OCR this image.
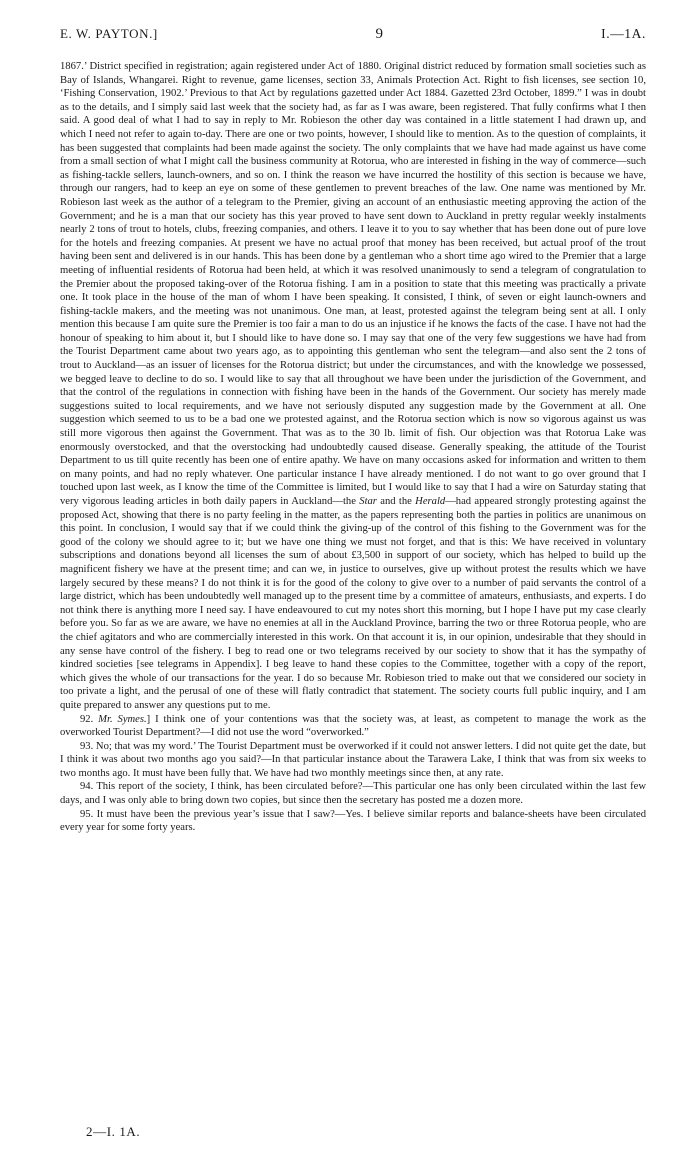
E. W. PAYTON.]	9	I.—1A.

1867.’ District specified in registration; again registered under Act of 1880. Original district reduced by formation small societies such as Bay of Islands, Whangarei. Right to revenue, game licenses, section 33, Animals Protection Act. Right to fish licenses, see section 10, ‘Fishing Conservation, 1902.’ Previous to that Act by regulations gazetted under Act 1884. Gazetted 23rd October, 1899.” I was in doubt as to the details, and I simply said last week that the society had, as far as I was aware, been registered. That fully confirms what I then said. A good deal of what I had to say in reply to Mr. Robieson the other day was contained in a little statement I had drawn up, and which I need not refer to again to-day. There are one or two points, however, I should like to mention. As to the question of complaints, it has been suggested that complaints had been made against the society. The only complaints that we have had made against us have come from a small section of what I might call the business community at Rotorua, who are interested in fishing in the way of commerce—such as fishing-tackle sellers, launch-owners, and so on. I think the reason we have incurred the hostility of this section is because we have, through our rangers, had to keep an eye on some of these gentlemen to prevent breaches of the law. One name was mentioned by Mr. Robieson last week as the author of a telegram to the Premier, giving an account of an enthusiastic meeting approving the action of the Government; and he is a man that our society has this year proved to have sent down to Auckland in pretty regular weekly instalments nearly 2 tons of trout to hotels, clubs, freezing companies, and others. I leave it to you to say whether that has been done out of pure love for the hotels and freezing companies. At present we have no actual proof that money has been received, but actual proof of the trout having been sent and delivered is in our hands. This has been done by a gentleman who a short time ago wired to the Premier that a large meeting of influential residents of Rotorua had been held, at which it was resolved unanimously to send a telegram of congratulation to the Premier about the proposed taking-over of the Rotorua fishing. I am in a position to state that this meeting was practically a private one. It took place in the house of the man of whom I have been speaking. It consisted, I think, of seven or eight launch-owners and fishing-tackle makers, and the meeting was not unanimous. One man, at least, protested against the telegram being sent at all. I only mention this because I am quite sure the Premier is too fair a man to do us an injustice if he knows the facts of the case. I have not had the honour of speaking to him about it, but I should like to have done so. I may say that one of the very few suggestions we have had from the Tourist Department came about two years ago, as to appointing this gentleman who sent the telegram—and also sent the 2 tons of trout to Auckland—as an issuer of licenses for the Rotorua district; but under the circumstances, and with the knowledge we possessed, we begged leave to decline to do so. I would like to say that all throughout we have been under the jurisdiction of the Government, and that the control of the regulations in connection with fishing have been in the hands of the Government. Our society has merely made suggestions suited to local requirements, and we have not seriously disputed any suggestion made by the Government at all. One suggestion which seemed to us to be a bad one we protested against, and the Rotorua section which is now so vigorous against us was still more vigorous then against the Government. That was as to the 30 lb. limit of fish. Our objection was that Rotorua Lake was enormously overstocked, and that the overstocking had undoubtedly caused disease. Generally speaking, the attitude of the Tourist Department to us till quite recently has been one of entire apathy. We have on many occasions asked for information and written to them on many points, and had no reply whatever. One particular instance I have already mentioned. I do not want to go over ground that I touched upon last week, as I know the time of the Committee is limited, but I would like to say that I had a wire on Saturday stating that very vigorous leading articles in both daily papers in Auckland—the Star and the Herald—had appeared strongly protesting against the proposed Act, showing that there is no party feeling in the matter, as the papers representing both the parties in politics are unanimous on this point. In conclusion, I would say that if we could think the giving-up of the control of this fishing to the Government was for the good of the colony we should agree to it; but we have one thing we must not forget, and that is this: We have received in voluntary subscriptions and donations beyond all licenses the sum of about £3,500 in support of our society, which has helped to build up the magnificent fishery we have at the present time; and can we, in justice to ourselves, give up without protest the results which we have largely secured by these means? I do not think it is for the good of the colony to give over to a number of paid servants the control of a large district, which has been undoubtedly well managed up to the present time by a committee of amateurs, enthusiasts, and experts. I do not think there is anything more I need say. I have endeavoured to cut my notes short this morning, but I hope I have put my case clearly before you. So far as we are aware, we have no enemies at all in the Auckland Province, barring the two or three Rotorua people, who are the chief agitators and who are commercially interested in this work. On that account it is, in our opinion, undesirable that they should in any sense have control of the fishery. I beg to read one or two telegrams received by our society to show that it has the sympathy of kindred societies [see telegrams in Appendix]. I beg leave to hand these copies to the Committee, together with a copy of the report, which gives the whole of our transactions for the year. I do so because Mr. Robieson tried to make out that we considered our society in too private a light, and the perusal of one of these will flatly contradict that statement. The society courts full public inquiry, and I am quite prepared to answer any questions put to me.

92. Mr. Symes.] I think one of your contentions was that the society was, at least, as competent to manage the work as the overworked Tourist Department?—I did not use the word “overworked.”

93. No; that was my word.’ The Tourist Department must be overworked if it could not answer letters. I did not quite get the date, but I think it was about two months ago you said?—In that particular instance about the Tarawera Lake, I think that was from six weeks to two months ago. It must have been fully that. We have had two monthly meetings since then, at any rate.

94. This report of the society, I think, has been circulated before?—This particular one has only been circulated within the last few days, and I was only able to bring down two copies, but since then the secretary has posted me a dozen more.

95. It must have been the previous year’s issue that I saw?—Yes. I believe similar reports and balance-sheets have been circulated every year for some forty years.

2—I. 1A.
